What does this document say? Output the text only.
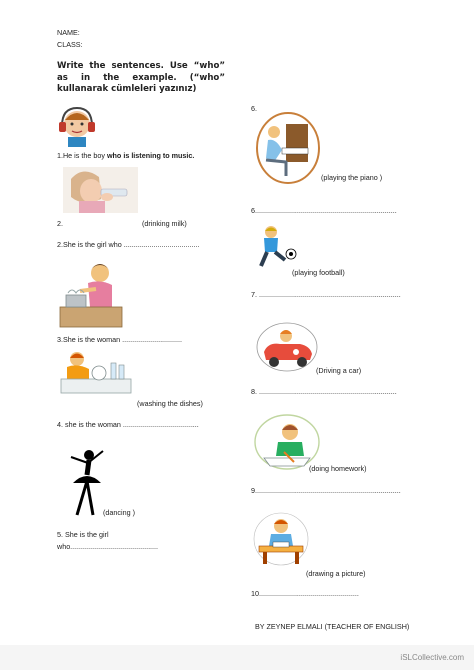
NAME:
CLASS:
Write the sentences. Use “who” as in the example. (“who” kullanarak cümleleri yazınız)
1.He is the boy who is listening to music.
2.	(drinking milk)
2.She is the girl who ......................................
3.She is the woman ..............................
(washing the dishes)
4. she is the woman ......................................
(dancing )
5. She is the girl
who............................................
6.
(playing the piano )
6.......................................................................
(playing football)
7. .......................................................................
(Driving a car)
8. .....................................................................
(doing homework)
9.........................................................................
(drawing a picture)
10..................................................
BY ZEYNEP ELMALI (TEACHER OF ENGLISH)
iSLCollective.com
